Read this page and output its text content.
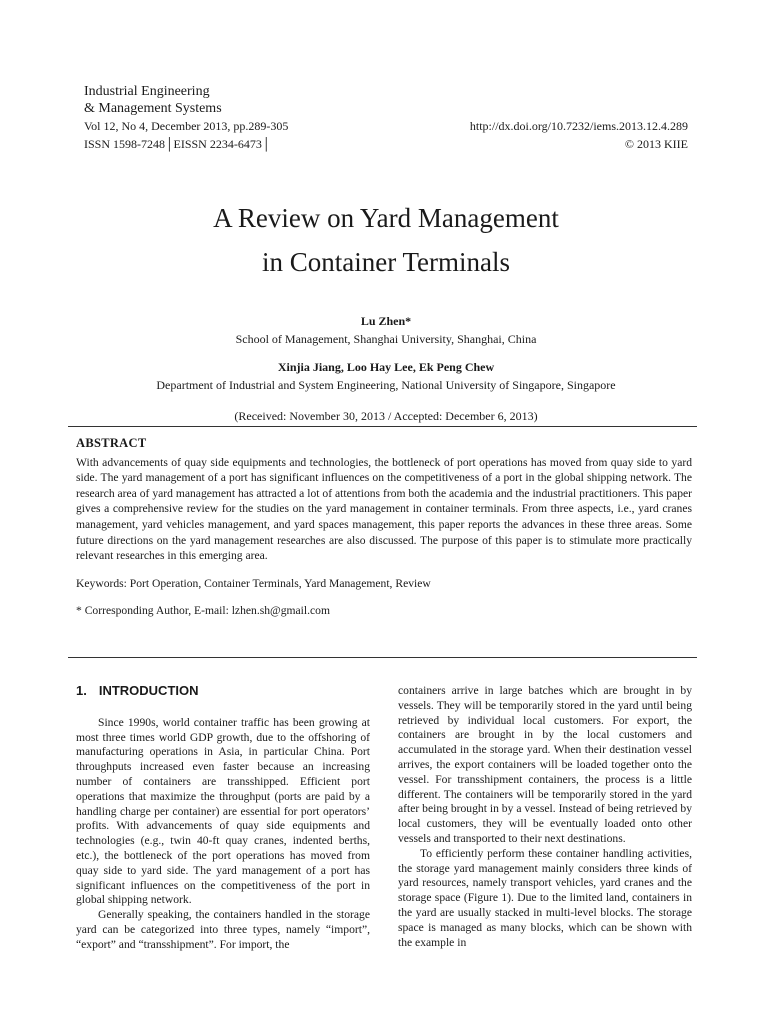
Industrial Engineering
& Management Systems
Vol 12, No 4, December 2013, pp.289-305	http://dx.doi.org/10.7232/iems.2013.12.4.289
ISSN 1598-7248│EISSN 2234-6473│	© 2013 KIIE
A Review on Yard Management
in Container Terminals
Lu Zhen*
School of Management, Shanghai University, Shanghai, China
Xinjia Jiang, Loo Hay Lee, Ek Peng Chew
Department of Industrial and System Engineering, National University of Singapore, Singapore
(Received: November 30, 2013 / Accepted: December 6, 2013)
ABSTRACT

With advancements of quay side equipments and technologies, the bottleneck of port operations has moved from quay side to yard side. The yard management of a port has significant influences on the competitiveness of a port in the global shipping network. The research area of yard management has attracted a lot of attentions from both the academia and the industrial practitioners. This paper gives a comprehensive review for the studies on the yard management in container terminals. From three aspects, i.e., yard cranes management, yard vehicles management, and yard spaces management, this paper reports the advances in these three areas. Some future directions on the yard management researches are also discussed. The purpose of this paper is to stimulate more practically relevant researches in this emerging area.

Keywords: Port Operation, Container Terminals, Yard Management, Review
* Corresponding Author, E-mail: lzhen.sh@gmail.com
1. INTRODUCTION

Since 1990s, world container traffic has been growing at most three times world GDP growth, due to the offshoring of manufacturing operations in Asia, in particular China. Port throughputs increased even faster because an increasing number of containers are transshipped. Efficient port operations that maximize the throughput (ports are paid by a handling charge per container) are essential for port operators’ profits. With advancements of quay side equipments and technologies (e.g., twin 40-ft quay cranes, indented berths, etc.), the bottleneck of the port operations has moved from quay side to yard side. The yard management of a port has significant influences on the competitiveness of the port in global shipping network.

Generally speaking, the containers handled in the storage yard can be categorized into three types, namely “import”, “export” and “transshipment”. For import, the

containers arrive in large batches which are brought in by vessels. They will be temporarily stored in the yard until being retrieved by individual local customers. For export, the containers are brought in by the local customers and accumulated in the storage yard. When their destination vessel arrives, the export containers will be loaded together onto the vessel. For transshipment containers, the process is a little different. The containers will be temporarily stored in the yard after being brought in by a vessel. Instead of being retrieved by local customers, they will be eventually loaded onto other vessels and transported to their next destinations.

To efficiently perform these container handling activities, the storage yard management mainly considers three kinds of yard resources, namely transport vehicles, yard cranes and the storage space (Figure 1). Due to the limited land, containers in the yard are usually stacked in multi-level blocks. The storage space is managed as many blocks, which can be shown with the example in
